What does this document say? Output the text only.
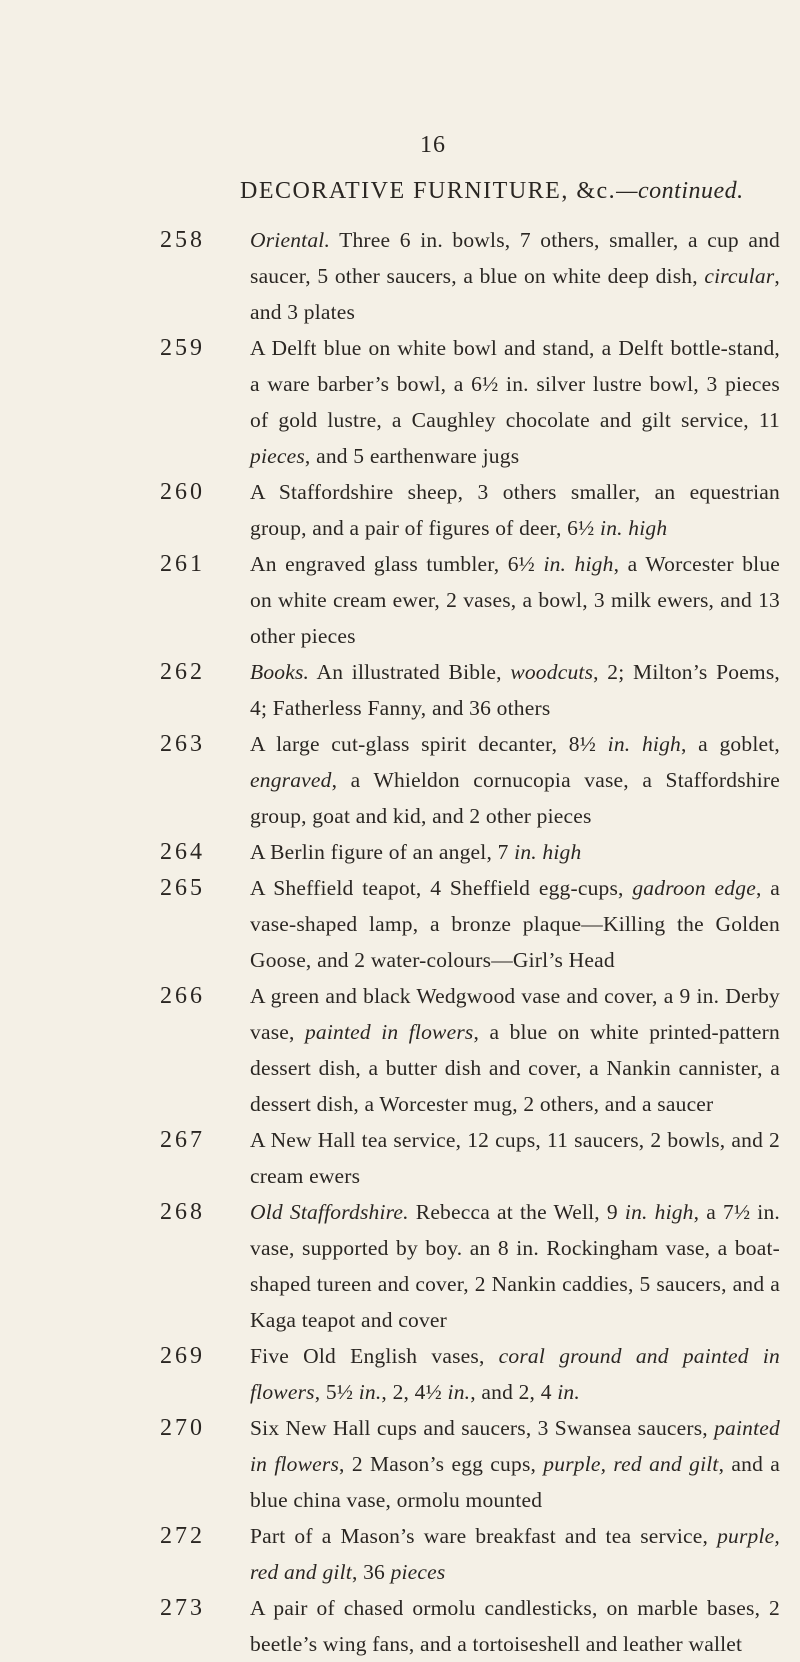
16
DECORATIVE FURNITURE, &c.—continued.
258	Oriental. Three 6 in. bowls, 7 others, smaller, a cup and saucer, 5 other saucers, a blue on white deep dish, circular, and 3 plates
259	A Delft blue on white bowl and stand, a Delft bottle-stand, a ware barber’s bowl, a 6½ in. silver lustre bowl, 3 pieces of gold lustre, a Caughley chocolate and gilt service, 11 pieces, and 5 earthenware jugs
260	A Staffordshire sheep, 3 others smaller, an equestrian group, and a pair of figures of deer, 6½ in. high
261	An engraved glass tumbler, 6½ in. high, a Worcester blue on white cream ewer, 2 vases, a bowl, 3 milk ewers, and 13 other pieces
262	Books. An illustrated Bible, woodcuts, 2; Milton’s Poems, 4; Fatherless Fanny, and 36 others
263	A large cut-glass spirit decanter, 8½ in. high, a goblet, engraved, a Whieldon cornucopia vase, a Staffordshire group, goat and kid, and 2 other pieces
264	A Berlin figure of an angel, 7 in. high
265	A Sheffield teapot, 4 Sheffield egg-cups, gadroon edge, a vase-shaped lamp, a bronze plaque—Killing the Golden Goose, and 2 water-colours—Girl’s Head
266	A green and black Wedgwood vase and cover, a 9 in. Derby vase, painted in flowers, a blue on white printed-pattern dessert dish, a butter dish and cover, a Nankin cannister, a dessert dish, a Worcester mug, 2 others, and a saucer
267	A New Hall tea service, 12 cups, 11 saucers, 2 bowls, and 2 cream ewers
268	Old Staffordshire. Rebecca at the Well, 9 in. high, a 7½ in. vase, supported by boy. an 8 in. Rockingham vase, a boat-shaped tureen and cover, 2 Nankin caddies, 5 saucers, and a Kaga teapot and cover
269	Five Old English vases, coral ground and painted in flowers, 5½ in., 2, 4½ in., and 2, 4 in.
270	Six New Hall cups and saucers, 3 Swansea saucers, painted in flowers, 2 Mason’s egg cups, purple, red and gilt, and a blue china vase, ormolu mounted
272	Part of a Mason’s ware breakfast and tea service, purple, red and gilt, 36 pieces
273	A pair of chased ormolu candlesticks, on marble bases, 2 beetle’s wing fans, and a tortoiseshell and leather wallet
